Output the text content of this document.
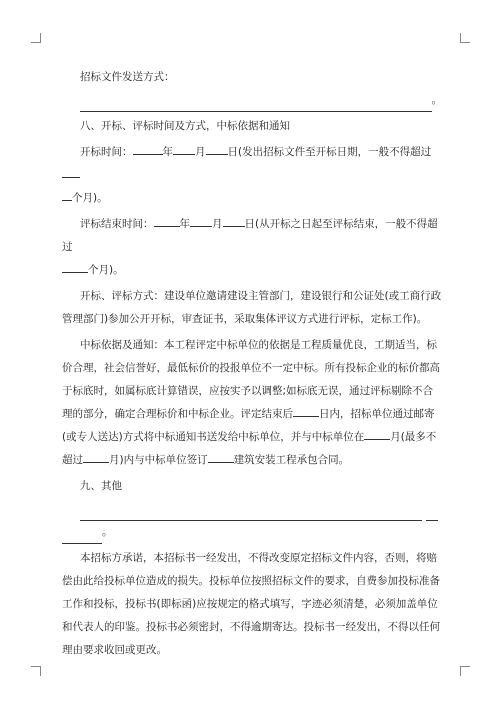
招标文件发送方式：

。

八、开标、评标时间及方式，中标依据和通知

开标时间：	年 月 日(发出招标文件至开标日期，一般不得超过
个月)。

评标结束时间： 年 月 日(从开标之日起至评标结束，一般不得超过
个月)。

开标、评标方式：建设单位邀请建设主管部门，建设银行和公证处(或工商行政管理部门)参加公开开标，审查证书，采取集体评议方式进行评标，定标工作)。

中标依据及通知：本工程评定中标单位的依据是工程质量优良，工期适当，标价合理，社会信誉好，最低标价的投报单位不一定中标。所有投标企业的标价都高于标底时，如属标底计算错误，应按实予以调整;如标底无误，通过评标剔除不合理的部分，确定合理标价和中标企业。评定结束后 日内，招标单位通过邮寄(或专人送达)方式将中标通知书送发给中标单位，并与中标单位在 月(最多不超过 月)内与中标单位签订 建筑安装工程承包合同。

九、其他

。

本招标方承诺，本招标书一经发出，不得改变原定招标文件内容，否则，将赔偿由此给投标单位造成的损失。投标单位按照招标文件的要求，自费参加投标准备工作和投标，投标书(即标函)应按规定的格式填写，字迹必须清楚，必须加盖单位和代表人的印鉴。投标书必须密封，不得逾期寄达。投标书一经发出，不得以任何理由要求收回或更改。
